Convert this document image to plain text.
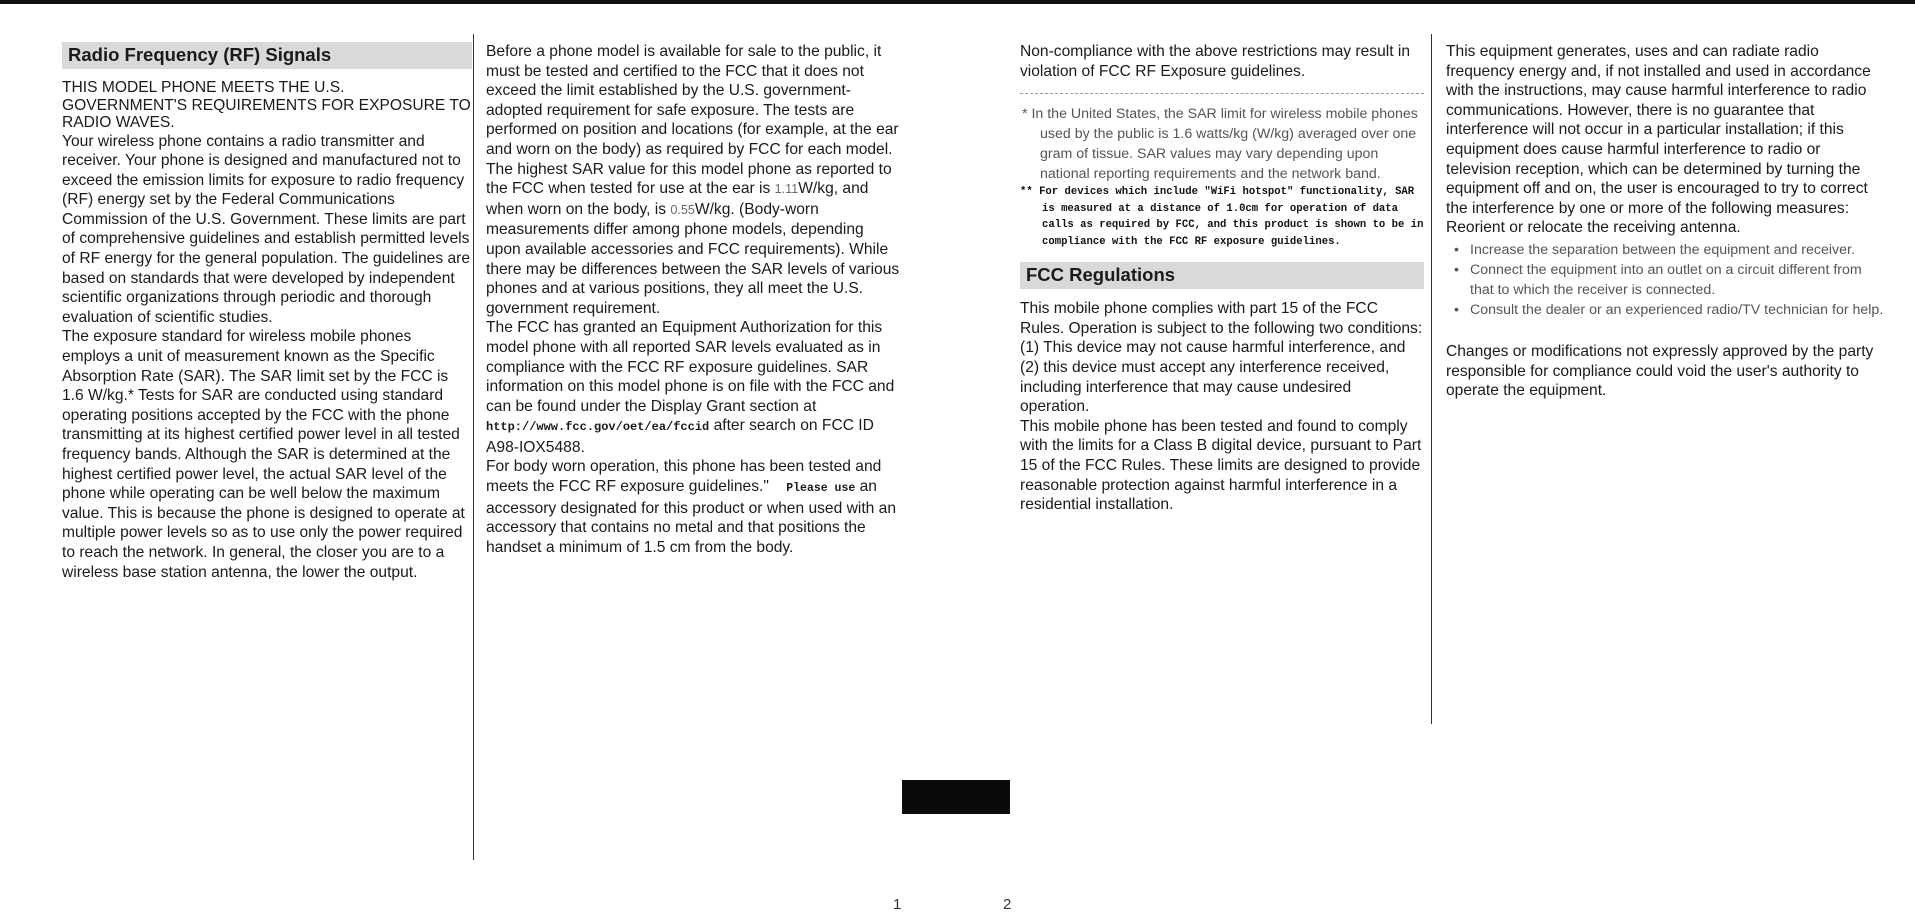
Radio Frequency (RF) Signals

THIS MODEL PHONE MEETS THE U.S. GOVERNMENT'S REQUIREMENTS FOR EXPOSURE TO RADIO WAVES.

Your wireless phone contains a radio transmitter and receiver. Your phone is designed and manufactured not to exceed the emission limits for exposure to radio frequency (RF) energy set by the Federal Communications Commission of the U.S. Government. These limits are part of comprehensive guidelines and establish permitted levels of RF energy for the general population. The guidelines are based on standards that were developed by independent scientific organizations through periodic and thorough evaluation of scientific studies.

The exposure standard for wireless mobile phones employs a unit of measurement known as the Specific Absorption Rate (SAR). The SAR limit set by the FCC is 1.6 W/kg.* Tests for SAR are conducted using standard operating positions accepted by the FCC with the phone transmitting at its highest certified power level in all tested frequency bands. Although the SAR is determined at the highest certified power level, the actual SAR level of the phone while operating can be well below the maximum value. This is because the phone is designed to operate at multiple power levels so as to use only the power required to reach the network. In general, the closer you are to a wireless base station antenna, the lower the output.

Before a phone model is available for sale to the public, it must be tested and certified to the FCC that it does not exceed the limit established by the U.S. government-adopted requirement for safe exposure. The tests are performed on position and locations (for example, at the ear and worn on the body) as required by FCC for each model. The highest SAR value for this model phone as reported to the FCC when tested for use at the ear is 1.11W/kg, and when worn on the body, is 0.55W/kg. (Body-worn measurements differ among phone models, depending upon available accessories and FCC requirements). While there may be differences between the SAR levels of various phones and at various positions, they all meet the U.S. government requirement.

The FCC has granted an Equipment Authorization for this model phone with all reported SAR levels evaluated as in compliance with the FCC RF exposure guidelines. SAR information on this model phone is on file with the FCC and can be found under the Display Grant section at http://www.fcc.gov/oet/ea/fccid after search on FCC ID A98-IOX5488.

For body worn operation, this phone has been tested and meets the FCC RF exposure guidelines." Please use an accessory designated for this product or when used with an accessory that contains no metal and that positions the handset a minimum of 1.5 cm from the body.

Non-compliance with the above restrictions may result in violation of FCC RF Exposure guidelines.

* In the United States, the SAR limit for wireless mobile phones used by the public is 1.6 watts/kg (W/kg) averaged over one gram of tissue. SAR values may vary depending upon national reporting requirements and the network band.

** For devices which include "WiFi hotspot" functionality, SAR is measured at a distance of 1.0cm for operation of data calls as required by FCC, and this product is shown to be in compliance with the FCC RF exposure guidelines.

FCC Regulations

This mobile phone complies with part 15 of the FCC Rules. Operation is subject to the following two conditions: (1) This device may not cause harmful interference, and (2) this device must accept any interference received, including interference that may cause undesired operation.

This mobile phone has been tested and found to comply with the limits for a Class B digital device, pursuant to Part 15 of the FCC Rules. These limits are designed to provide reasonable protection against harmful interference in a residential installation.

This equipment generates, uses and can radiate radio frequency energy and, if not installed and used in accordance with the instructions, may cause harmful interference to radio communications. However, there is no guarantee that interference will not occur in a particular installation; if this equipment does cause harmful interference to radio or television reception, which can be determined by turning the equipment off and on, the user is encouraged to try to correct the interference by one or more of the following measures:

Reorient or relocate the receiving antenna.

• Increase the separation between the equipment and receiver.
• Connect the equipment into an outlet on a circuit different from that to which the receiver is connected.
• Consult the dealer or an experienced radio/TV technician for help.

Changes or modifications not expressly approved by the party responsible for compliance could void the user's authority to operate the equipment.

1	2
